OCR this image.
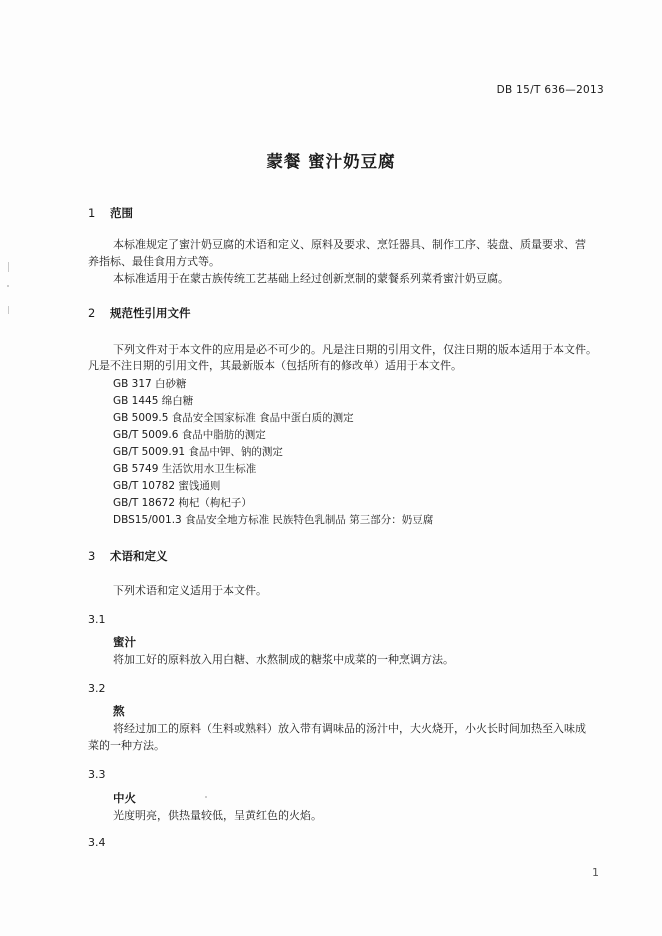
DB 15/T 636—2013
蒙餐 蜜汁奶豆腐
1 范围
本标准规定了蜜汁奶豆腐的术语和定义、原料及要求、烹饪器具、制作工序、装盘、质量要求、营
养指标、最佳食用方式等。
本标准适用于在蒙古族传统工艺基础上经过创新烹制的蒙餐系列菜肴蜜汁奶豆腐。
2 规范性引用文件
下列文件对于本文件的应用是必不可少的。凡是注日期的引用文件，仅注日期的版本适用于本文件。
凡是不注日期的引用文件，其最新版本（包括所有的修改单）适用于本文件。
GB 317 白砂糖
GB 1445 绵白糖
GB 5009.5 食品安全国家标准 食品中蛋白质的测定
GB/T 5009.6 食品中脂肪的测定
GB/T 5009.91 食品中钾、钠的测定
GB 5749 生活饮用水卫生标准
GB/T 10782 蜜饯通则
GB/T 18672 枸杞（枸杞子）
DBS15/001.3 食品安全地方标准 民族特色乳制品 第三部分：奶豆腐
3 术语和定义
下列术语和定义适用于本文件。
3.1
蜜汁
将加工好的原料放入用白糖、水熬制成的糖浆中成菜的一种烹调方法。
3.2
熬
将经过加工的原料（生料或熟料）放入带有调味品的汤汁中，大火烧开，小火长时间加热至入味成
菜的一种方法。
3.3
中火
光度明亮，供热量较低，呈黄红色的火焰。
3.4
1
